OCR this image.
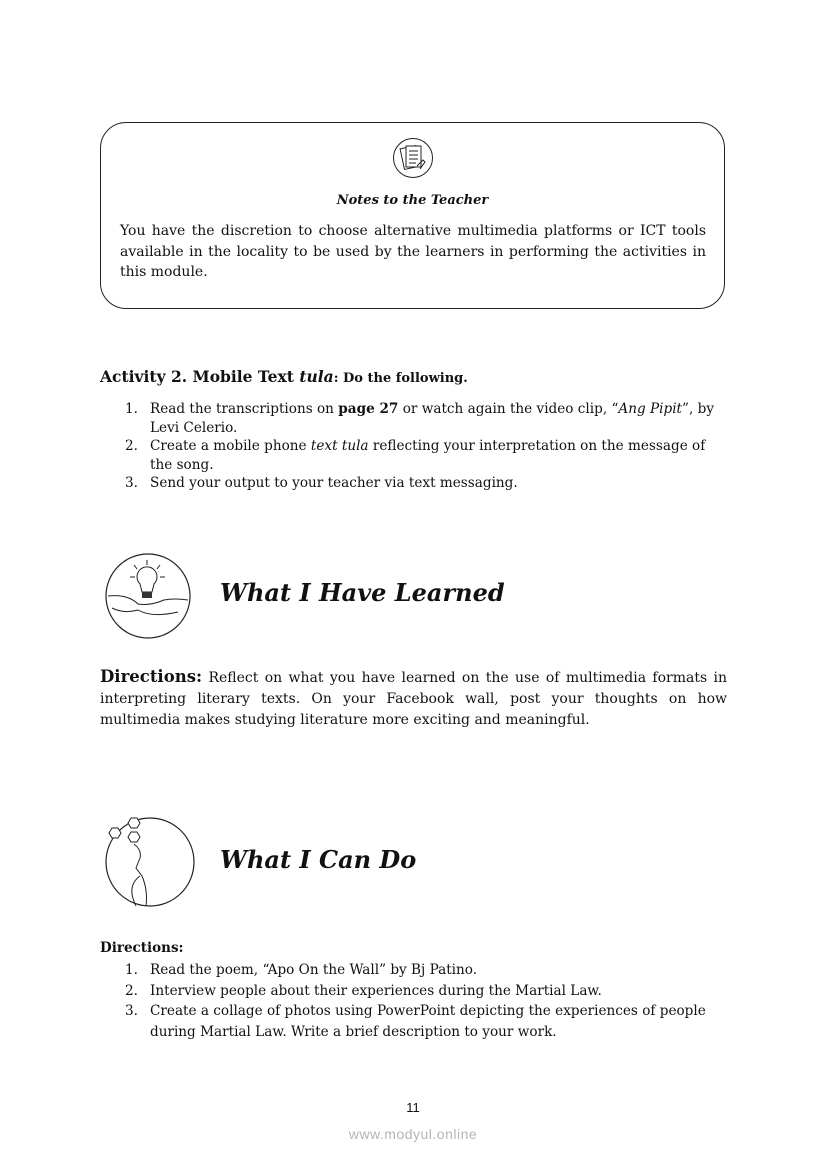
Notes to the Teacher
You have the discretion to choose alternative multimedia platforms or ICT tools available in the locality to be used by the learners in performing the activities in this module.
Activity 2. Mobile Text tula: Do the following.
1. Read the transcriptions on page 27 or watch again the video clip, “Ang Pipit”, by Levi Celerio.
2. Create a mobile phone text tula reflecting your interpretation on the message of the song.
3. Send your output to your teacher via text messaging.
What I Have Learned
Directions: Reflect on what you have learned on the use of multimedia formats in interpreting literary texts. On your Facebook wall, post your thoughts on how multimedia makes studying literature more exciting and meaningful.
What I Can Do
Directions:
1. Read the poem, “Apo On the Wall” by Bj Patino.
2. Interview people about their experiences during the Martial Law.
3. Create a collage of photos using PowerPoint depicting the experiences of people during Martial Law. Write a brief description to your work.
11
www.modyul.online
